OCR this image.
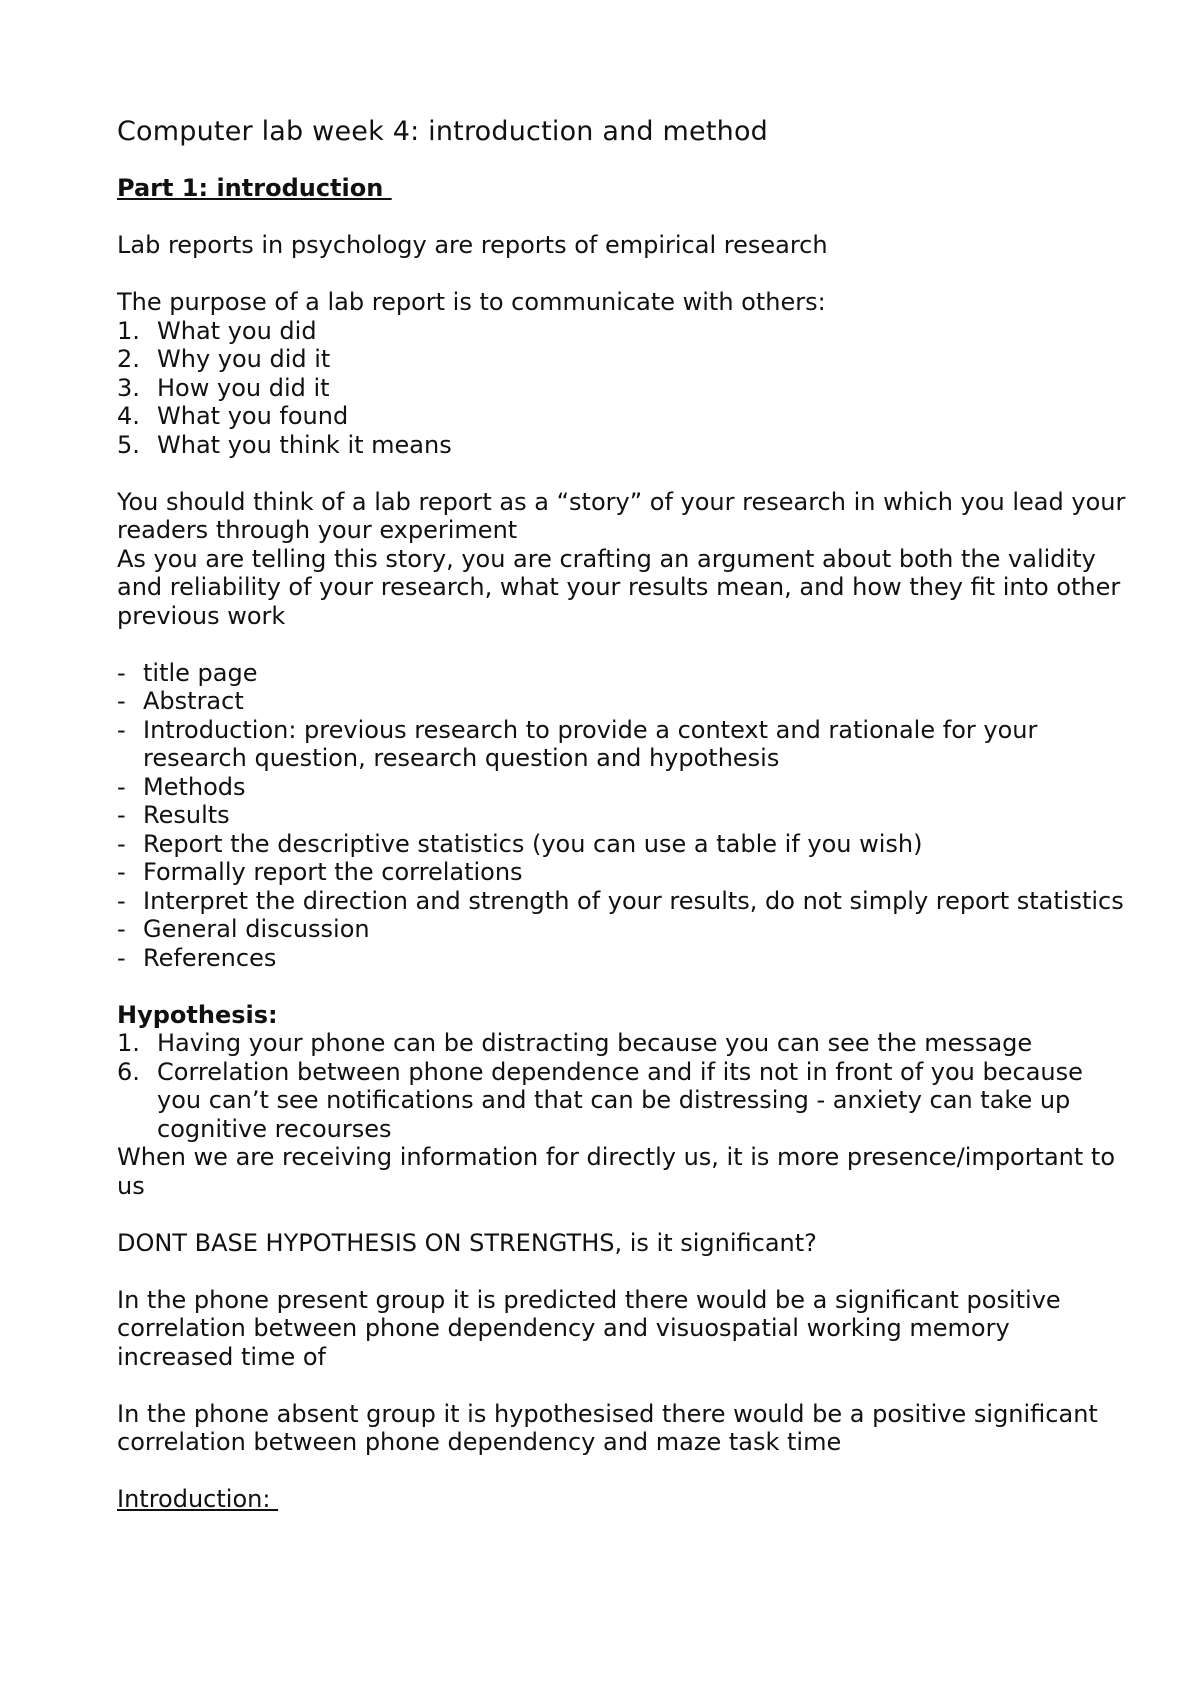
Computer lab week 4: introduction and method
Part 1: introduction

Lab reports in psychology are reports of empirical research

The purpose of a lab report is to communicate with others:

1. What you did
2. Why you did it
3. How you did it
4. What you found
5. What you think it means

You should think of a lab report as a “story” of your research in which you lead your readers through your experiment

As you are telling this story, you are crafting an argument about both the validity and reliability of your research, what your results mean, and how they fit into other previous work

- title page
- Abstract
- Introduction: previous research to provide a context and rationale for your research question, research question and hypothesis
- Methods
- Results
- Report the descriptive statistics (you can use a table if you wish)
- Formally report the correlations
- Interpret the direction and strength of your results, do not simply report statistics
- General discussion
- References
Hypothesis:
1. Having your phone can be distracting because you can see the message
6. Correlation between phone dependence and if its not in front of you because you can’t see notifications and that can be distressing - anxiety can take up cognitive recourses

When we are receiving information for directly us, it is more presence/important to us

DONT BASE HYPOTHESIS ON STRENGTHS, is it significant?

In the phone present group it is predicted there would be a significant positive correlation between phone dependency and visuospatial working memory increased time of

In the phone absent group it is hypothesised there would be a positive significant correlation between phone dependency and maze task time

Introduction:
